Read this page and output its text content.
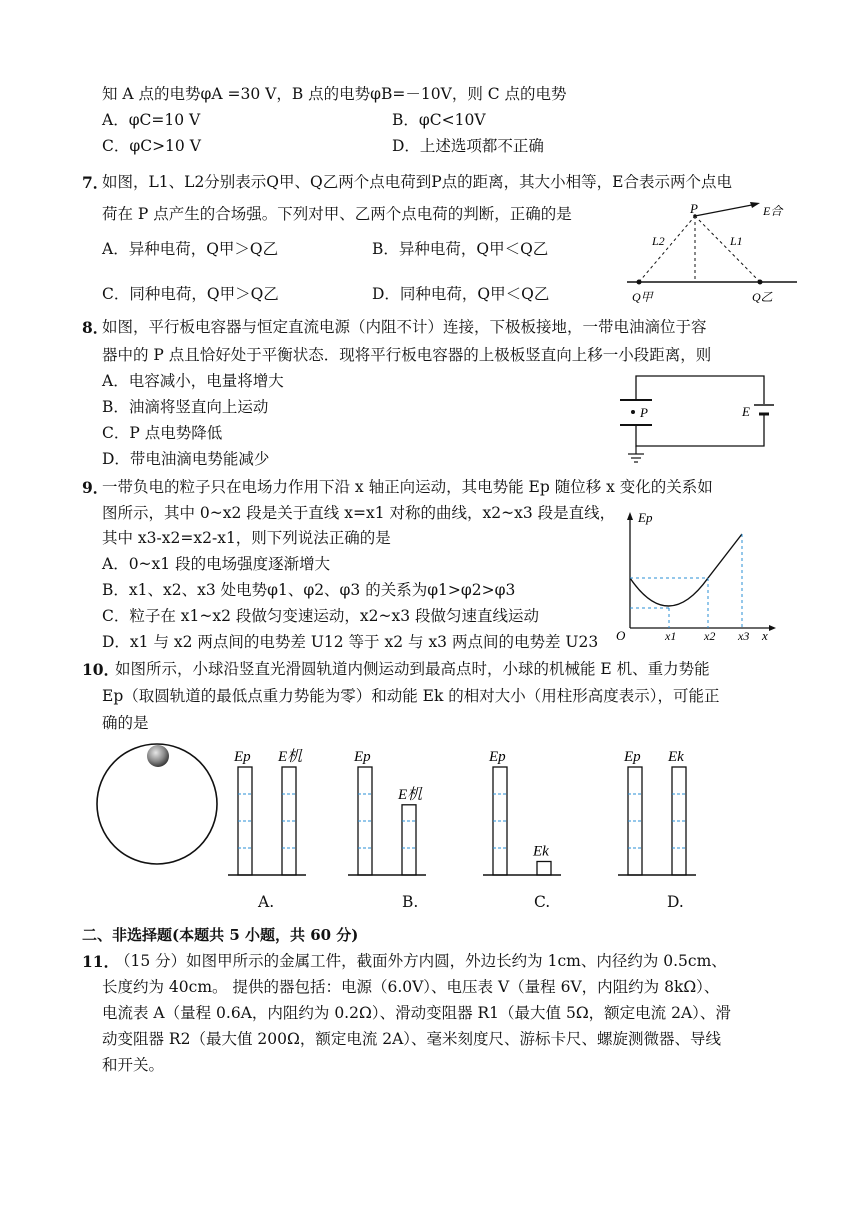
知 A 点的电势φA =30 V，B 点的电势φB=－10V，则 C 点的电势
A．φC=10 V	B．φC<10V
C．φC>10 V	D．上述选项都不正确
7．
如图，L1、L2分别表示Q甲、Q乙两个点电荷到P点的距离，其大小相等，E合表示两个点电
荷在 P 点产生的合场强。下列对甲、乙两个点电荷的判断，正确的是
A．异种电荷，Q甲＞Q乙	B．异种电荷，Q甲＜Q乙
C．同种电荷，Q甲＞Q乙	D．同种电荷，Q甲＜Q乙
P	E合
L2	L1
Q甲	Q乙
8．
如图，平行板电容器与恒定直流电源（内阻不计）连接，下极板接地，一带电油滴位于容
器中的 P 点且恰好处于平衡状态．现将平行板电容器的上极板竖直向上移一小段距离，则
A．电容减小，电量将增大
B．油滴将竖直向上运动
C．P 点电势降低
D．带电油滴电势能减少
P	E
9．
一带负电的粒子只在电场力作用下沿 x 轴正向运动，其电势能 Ep 随位移 x 变化的关系如
图所示，其中 0~x2 段是关于直线 x=x1 对称的曲线，x2~x3 段是直线，
其中 x3-x2=x2-x1，则下列说法正确的是
A．0~x1 段的电场强度逐渐增大
B．x1、x2、x3 处电势φ1、φ2、φ3 的关系为φ1>φ2>φ3
C．粒子在 x1~x2 段做匀变速运动，x2~x3 段做匀速直线运动
D．x1 与 x2 两点间的电势差 U12 等于 x2 与 x3 两点间的电势差 U23
Ep
O	x1 x2 x3 x
10．
如图所示，小球沿竖直光滑圆轨道内侧运动到最高点时，小球的机械能 E 机、重力势能
Ep（取圆轨道的最低点重力势能为零）和动能 Ek 的相对大小（用柱形高度表示），可能正
确的是
Ep E机	Ep
E机
Ep
Ek
Ep Ek
A.	B.	C.	D.
二、非选择题(本题共 5 小题，共 60 分)
11．
（15 分）如图甲所示的金属工件，截面外方内圆，外边长约为 1cm、内径约为 0.5cm、
长度约为 40cm。 提供的器包括：电源（6.0V）、电压表 V（量程 6V，内阻约为 8kΩ）、
电流表 A（量程 0.6A，内阻约为 0.2Ω）、滑动变阻器 R1（最大值 5Ω，额定电流 2A）、滑
动变阻器 R2（最大值 200Ω，额定电流 2A）、毫米刻度尺、游标卡尺、螺旋测微器、导线
和开关。
